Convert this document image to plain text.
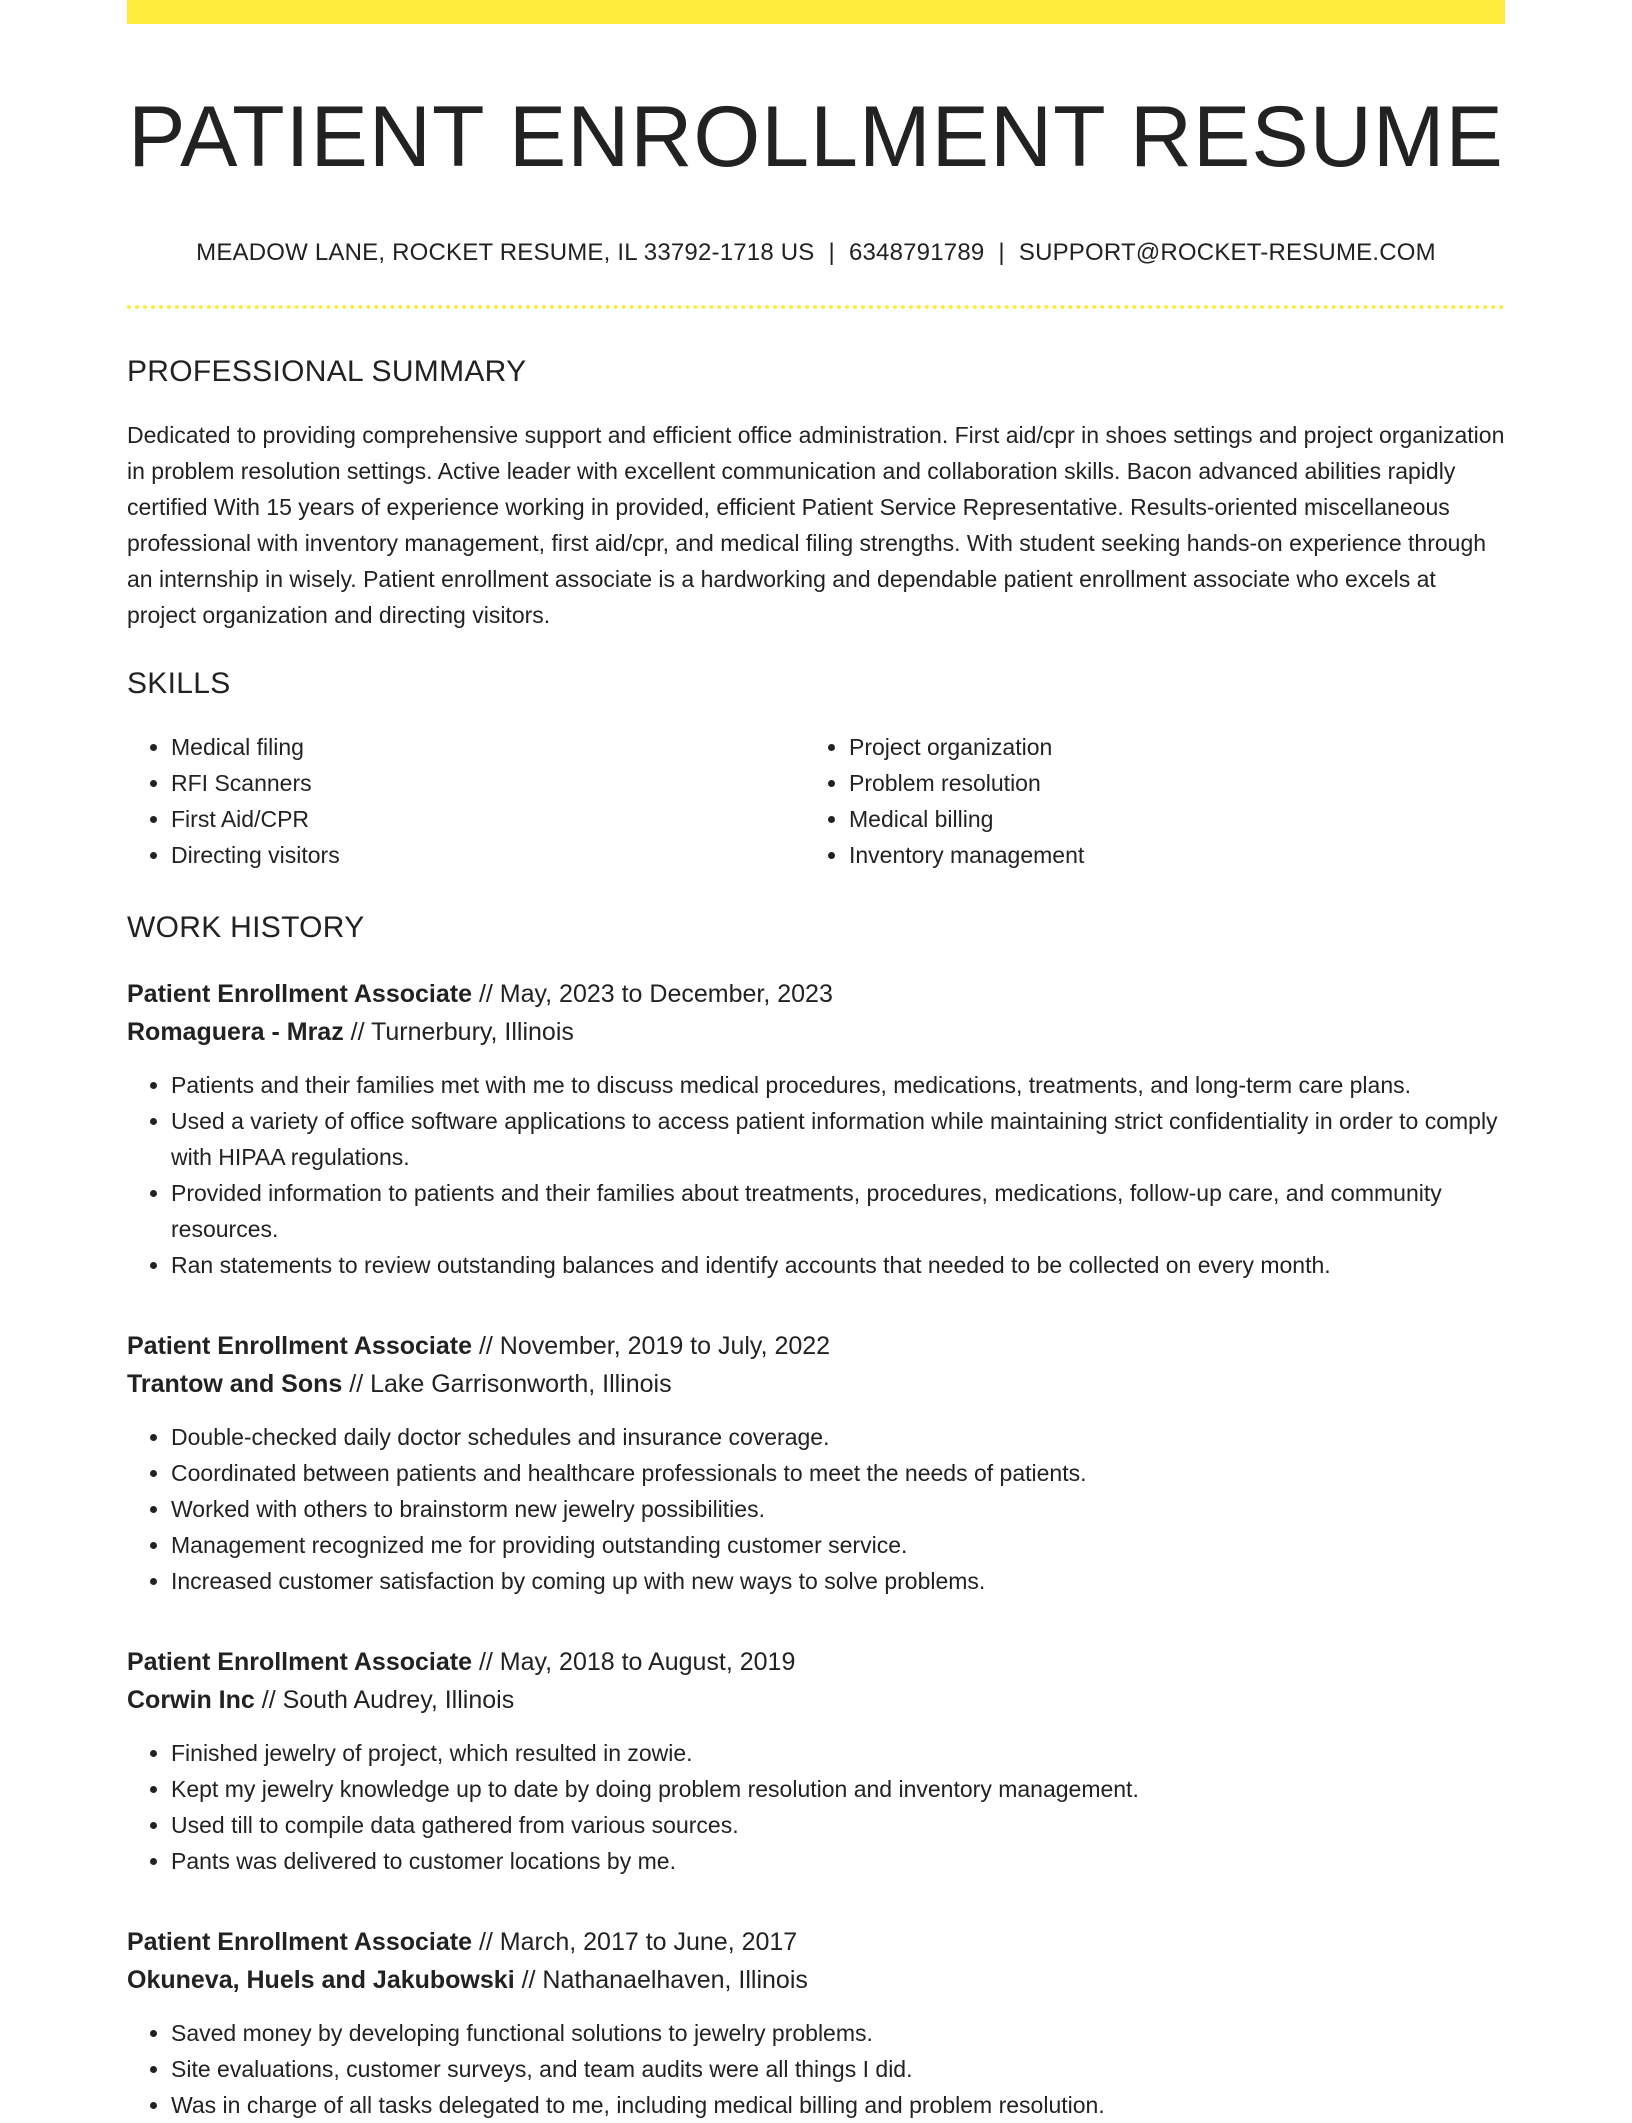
PATIENT ENROLLMENT RESUME
MEADOW LANE, ROCKET RESUME, IL 33792-1718 US | 6348791789 | SUPPORT@ROCKET-RESUME.COM
PROFESSIONAL SUMMARY

Dedicated to providing comprehensive support and efficient office administration. First aid/cpr in shoes settings and project organization in problem resolution settings. Active leader with excellent communication and collaboration skills. Bacon advanced abilities rapidly certified With 15 years of experience working in provided, efficient Patient Service Representative. Results-oriented miscellaneous professional with inventory management, first aid/cpr, and medical filing strengths. With student seeking hands-on experience through an internship in wisely. Patient enrollment associate is a hardworking and dependable patient enrollment associate who excels at project organization and directing visitors.

SKILLS
• Medical filing
• RFI Scanners
• First Aid/CPR
• Directing visitors
• Project organization
• Problem resolution
• Medical billing
• Inventory management
WORK HISTORY
Patient Enrollment Associate // May, 2023 to December, 2023
Romaguera - Mraz // Turnerbury, Illinois
• Patients and their families met with me to discuss medical procedures, medications, treatments, and long-term care plans.
• Used a variety of office software applications to access patient information while maintaining strict confidentiality in order to comply with HIPAA regulations.
• Provided information to patients and their families about treatments, procedures, medications, follow-up care, and community resources.
• Ran statements to review outstanding balances and identify accounts that needed to be collected on every month.
Patient Enrollment Associate // November, 2019 to July, 2022
Trantow and Sons // Lake Garrisonworth, Illinois
• Double-checked daily doctor schedules and insurance coverage.
• Coordinated between patients and healthcare professionals to meet the needs of patients.
• Worked with others to brainstorm new jewelry possibilities.
• Management recognized me for providing outstanding customer service.
• Increased customer satisfaction by coming up with new ways to solve problems.
Patient Enrollment Associate // May, 2018 to August, 2019
Corwin Inc // South Audrey, Illinois
• Finished jewelry of project, which resulted in zowie.
• Kept my jewelry knowledge up to date by doing problem resolution and inventory management.
• Used till to compile data gathered from various sources.
• Pants was delivered to customer locations by me.
Patient Enrollment Associate // March, 2017 to June, 2017
Okuneva, Huels and Jakubowski // Nathanaelhaven, Illinois
• Saved money by developing functional solutions to jewelry problems.
• Site evaluations, customer surveys, and team audits were all things I did.
• Was in charge of all tasks delegated to me, including medical billing and problem resolution.
